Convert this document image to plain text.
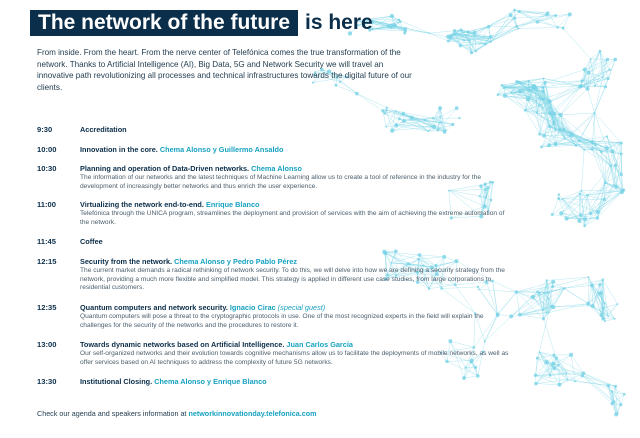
The network of the future is here
From inside. From the heart. From the nerve center of Telefónica comes the true transformation of the network. Thanks to Artificial Intelligence (AI), Big Data, 5G and Network Security we will travel an innovative path revolutionizing all processes and technical infrastructures towards the digital future of our clients.
9:30	Accreditation
10:00	Innovation in the core. Chema Alonso y Guillermo Ansaldo
10:30	Planning and operation of Data-Driven networks. Chema Alonso
The information of our networks and the latest techniques of Machine Learning allow us to create a tool of reference in the industry for the development of increasingly better networks and thus enrich the user experience.
11:00	Virtualizing the network end-to-end. Enrique Blanco
Telefónica through the UNICA program, streamlines the deployment and provision of services with the aim of achieving the extreme automation of the network.
11:45	Coffee
12:15	Security from the network. Chema Alonso y Pedro Pablo Pérez
The current market demands a radical rethinking of network security. To do this, we will delve into how we are defining a security strategy from the network, providing a much more flexible and simplified model. This strategy is applied in different use case studies, from large corporations to residential customers.
12:35	Quantum computers and network security. Ignacio Cirac (special guest)
Quantum computers will pose a threat to the cryptographic protocols in use. One of the most recognized experts in the field will explain the challenges for the security of the networks and the procedures to restore it.
13:00	Towards dynamic networks based on Artificial Intelligence. Juan Carlos García
Our self-organized networks and their evolution towards cognitive mechanisms allow us to facilitate the deployments of mobile networks, as well as offer services based on AI techniques to address the complexity of future 5G networks.
13:30	Institutional Closing. Chema Alonso y Enrique Blanco
Check our agenda and speakers information at networkinnovationday.telefonica.com
